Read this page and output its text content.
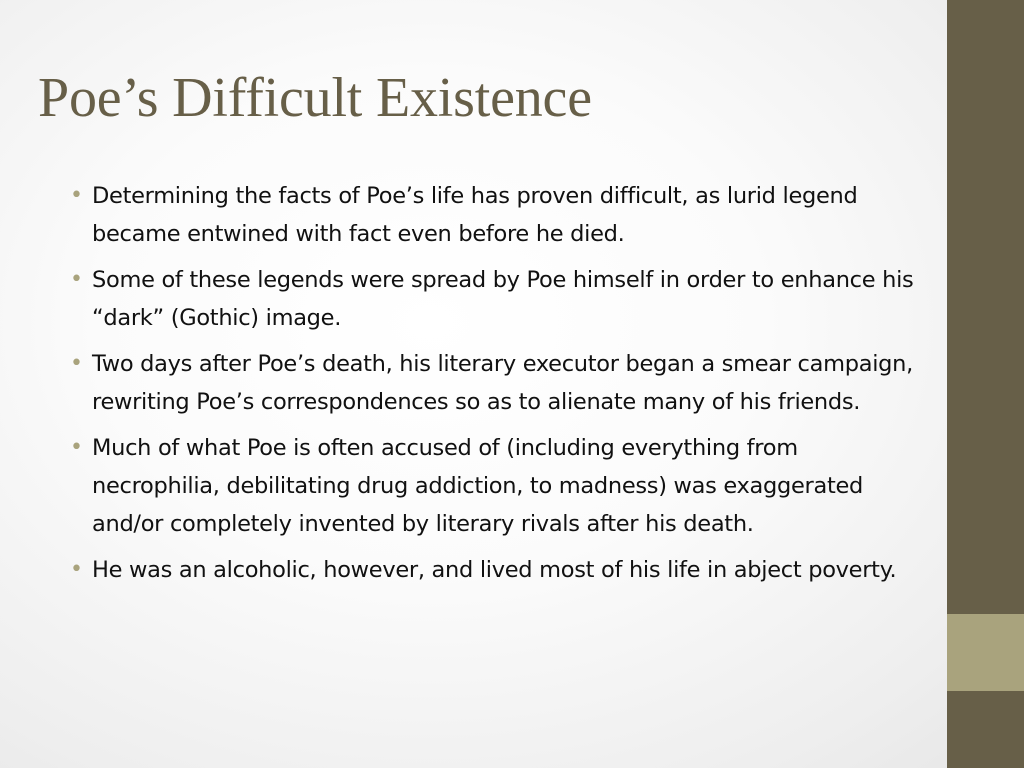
Poe’s Difficult Existence
• Determining the facts of Poe’s life has proven difficult, as lurid legend became entwined with fact even before he died.
• Some of these legends were spread by Poe himself in order to enhance his “dark” (Gothic) image.
• Two days after Poe’s death, his literary executor began a smear campaign, rewriting Poe’s correspondences so as to alienate many of his friends.
• Much of what Poe is often accused of (including everything from necrophilia, debilitating drug addiction, to madness) was exaggerated and/or completely invented by literary rivals after his death.
• He was an alcoholic, however, and lived most of his life in abject poverty.
